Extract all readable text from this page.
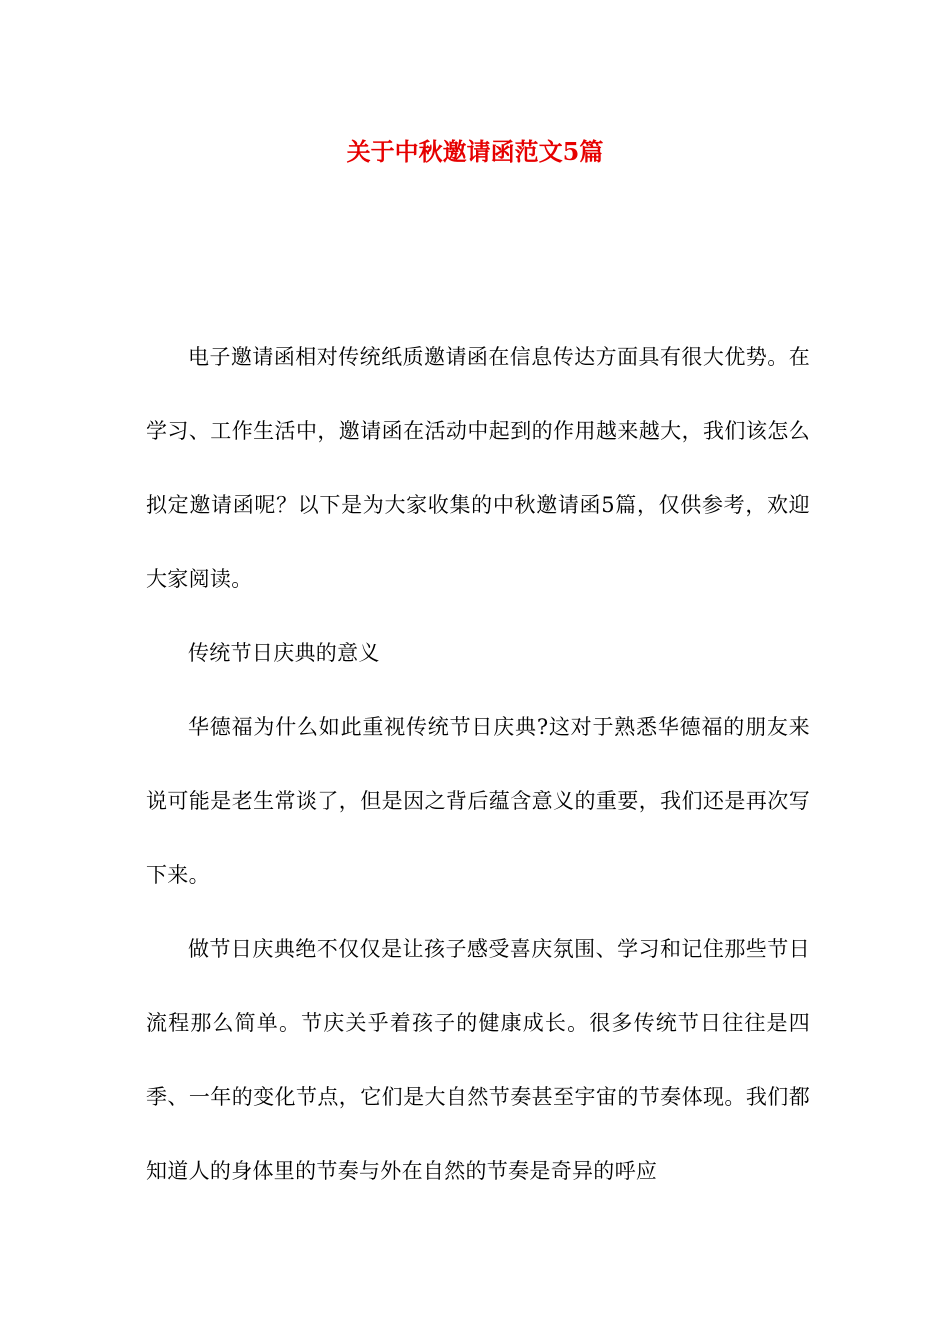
关于中秋邀请函范文5篇

电子邀请函相对传统纸质邀请函在信息传达方面具有很大优势。在学习、工作生活中，邀请函在活动中起到的作用越来越大，我们该怎么拟定邀请函呢？以下是为大家收集的中秋邀请函5篇，仅供参考，欢迎大家阅读。

传统节日庆典的意义

华德福为什么如此重视传统节日庆典?这对于熟悉华德福的朋友来说可能是老生常谈了，但是因之背后蕴含意义的重要，我们还是再次写下来。

做节日庆典绝不仅仅是让孩子感受喜庆氛围、学习和记住那些节日流程那么简单。节庆关乎着孩子的健康成长。很多传统节日往往是四季、一年的变化节点，它们是大自然节奏甚至宇宙的节奏体现。我们都知道人的身体里的节奏与外在自然的节奏是奇异的呼应
